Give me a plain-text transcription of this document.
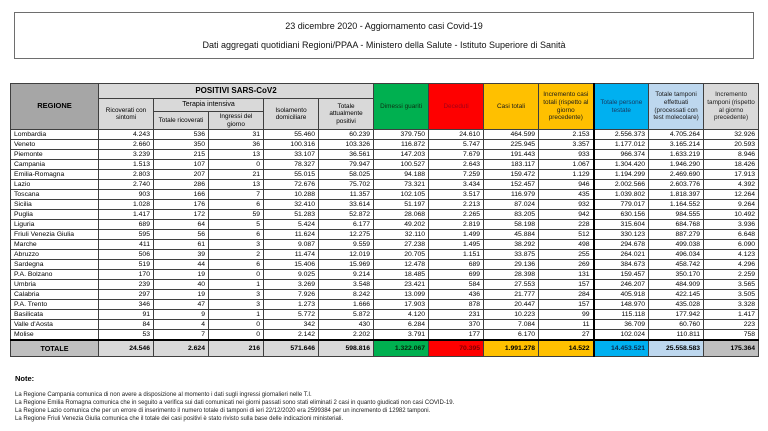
23 dicembre 2020 - Aggiornamento casi Covid-19
Dati aggregati quotidiani Regioni/PPAA - Ministero della Salute - Istituto Superiore di Sanità
REGIONE	POSITIVI SARS-CoV2					Dimessi guariti	Deceduti	Casi totali	Incremento casi totali (rispetto al giorno precedente)	Totale persone testate	Totale tamponi effettuati (processati con test molecolare)	Incremento tamponi (rispetto al giorno precedente)
	Ricoverati con sintomi	Terapia intensiva		Isolamento domiciliare	Totale attualmente positivi							
		Totale ricoverati	Ingressi del giorno									
Lombardia	4.243	536	31	55.460	60.239	379.750	24.610	464.599	2.153	2.556.373	4.705.264	32.926
Veneto	2.660	350	36	100.316	103.326	116.872	5.747	225.945	3.357	1.177.012	3.165.214	20.593
Piemonte	3.239	215	13	33.107	36.561	147.203	7.679	191.443	933	966.374	1.633.219	8.946
Campania	1.513	107	0	78.327	79.947	100.527	2.643	183.117	1.067	1.304.420	1.946.290	18.426
Emilia-Romagna	2.803	207	21	55.015	58.025	94.188	7.259	159.472	1.129	1.194.299	2.469.690	17.913
Lazio	2.740	286	13	72.676	75.702	73.321	3.434	152.457	946	2.002.566	2.603.776	4.392
Toscana	903	166	7	10.288	11.357	102.105	3.517	116.979	435	1.039.802	1.818.397	12.264
Sicilia	1.028	176	6	32.410	33.614	51.197	2.213	87.024	932	779.017	1.164.552	9.264
Puglia	1.417	172	59	51.283	52.872	28.068	2.265	83.205	942	630.156	984.555	10.492
Liguria	689	64	5	5.424	6.177	49.202	2.819	58.198	228	315.604	684.768	3.936
Friuli Venezia Giulia	595	56	6	11.624	12.275	32.110	1.499	45.884	512	330.123	887.279	6.648
Marche	411	61	3	9.087	9.559	27.238	1.495	38.292	498	294.678	499.038	6.090
Abruzzo	506	39	2	11.474	12.019	20.705	1.151	33.875	255	264.021	496.034	4.123
Sardegna	519	44	6	15.406	15.969	12.478	689	29.136	269	384.673	458.742	4.296
P.A. Bolzano	170	19	0	9.025	9.214	18.485	699	28.398	131	159.457	350.170	2.259
Umbria	239	40	1	3.269	3.548	23.421	584	27.553	157	246.207	484.909	3.565
Calabria	297	19	3	7.926	8.242	13.099	436	21.777	284	405.918	422.145	3.505
P.A. Trento	346	47	3	1.273	1.666	17.903	878	20.447	157	148.970	435.028	3.328
Basilicata	91	9	1	5.772	5.872	4.120	231	10.223	99	115.118	177.942	1.417
Valle d'Aosta	84	4	0	342	430	6.284	370	7.084	11	36.709	60.760	223
Molise	53	7	0	2.142	2.202	3.791	177	6.170	27	102.024	110.811	758
TOTALE	24.546	2.624	216	571.646	598.816	1.322.067	70.395	1.991.278	14.522	14.453.521	25.558.583	175.364
Note:
La Regione Campania comunica di non avere a disposizione al momento i dati sugli ingressi giornalieri nelle T.I.
La Regione Emilia Romagna comunica che in seguito a verifica sui dati comunicati nei giorni passati sono stati eliminati 2 casi in quanto giudicati non casi COVID-19.
La Regione Lazio comunica che per un errore di inserimento il numero totale di tamponi di ieri 22/12/2020 era 2599384 per un incremento di 12982 tamponi.
La Regione Friuli Venezia Giulia comunica che il totale dei casi positivi è stato rivisto sulla base delle indicazioni ministeriali.
